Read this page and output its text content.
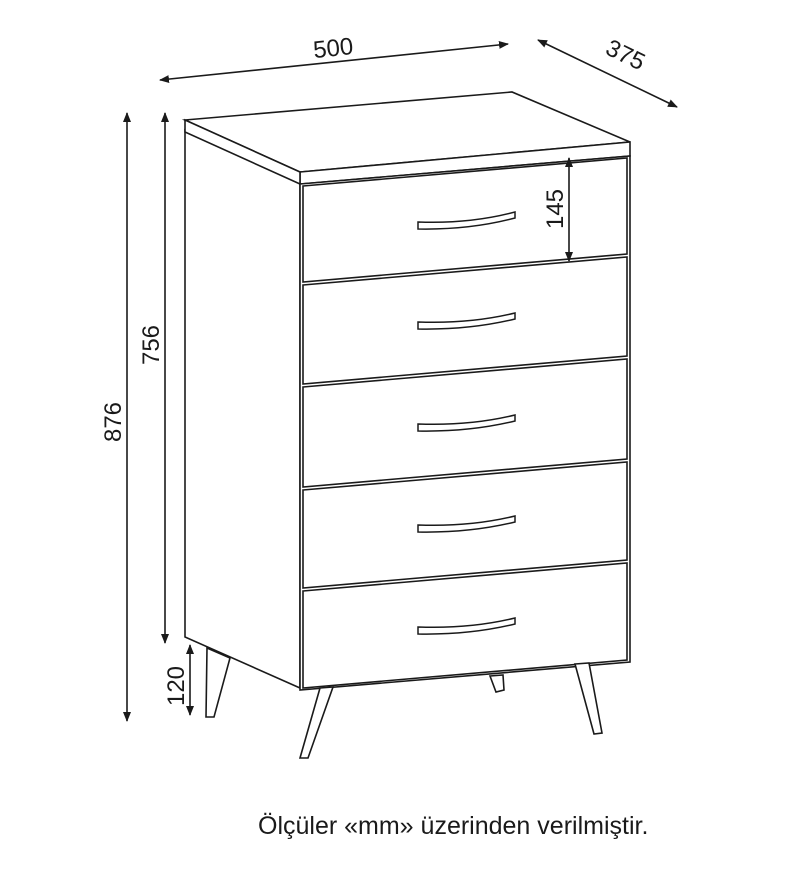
500	375
876
756
145
120
Ölçüler «mm» üzerinden verilmiştir.
